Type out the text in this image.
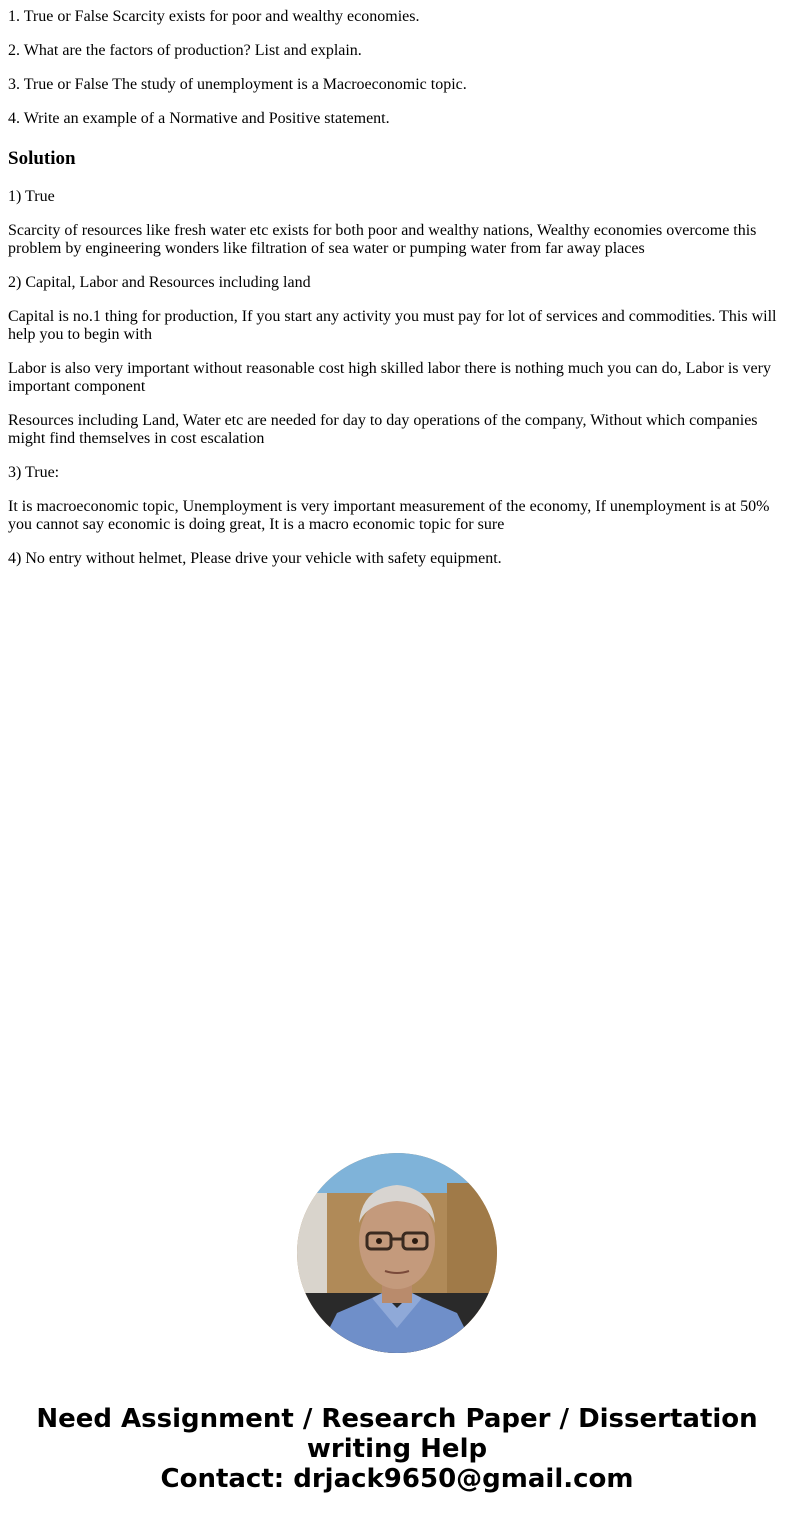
1. True or False Scarcity exists for poor and wealthy economies.

2. What are the factors of production? List and explain.

3. True or False The study of unemployment is a Macroeconomic topic.

4. Write an example of a Normative and Positive statement.

Solution

1) True

Scarcity of resources like fresh water etc exists for both poor and wealthy nations, Wealthy economies overcome this problem by engineering wonders like filtration of sea water or pumping water from far away places

2) Capital, Labor and Resources including land

Capital is no.1 thing for production, If you start any activity you must pay for lot of services and commodities. This will help you to begin with

Labor is also very important without reasonable cost high skilled labor there is nothing much you can do, Labor is very important component

Resources including Land, Water etc are needed for day to day operations of the company, Without which companies might find themselves in cost escalation

3) True:

It is macroeconomic topic, Unemployment is very important measurement of the economy, If unemployment is at 50% you cannot say economic is doing great, It is a macro economic topic for sure

4) No entry without helmet, Please drive your vehicle with safety equipment.

Need Assignment / Research Paper / Dissertation
writing Help
Contact: drjack9650@gmail.com
